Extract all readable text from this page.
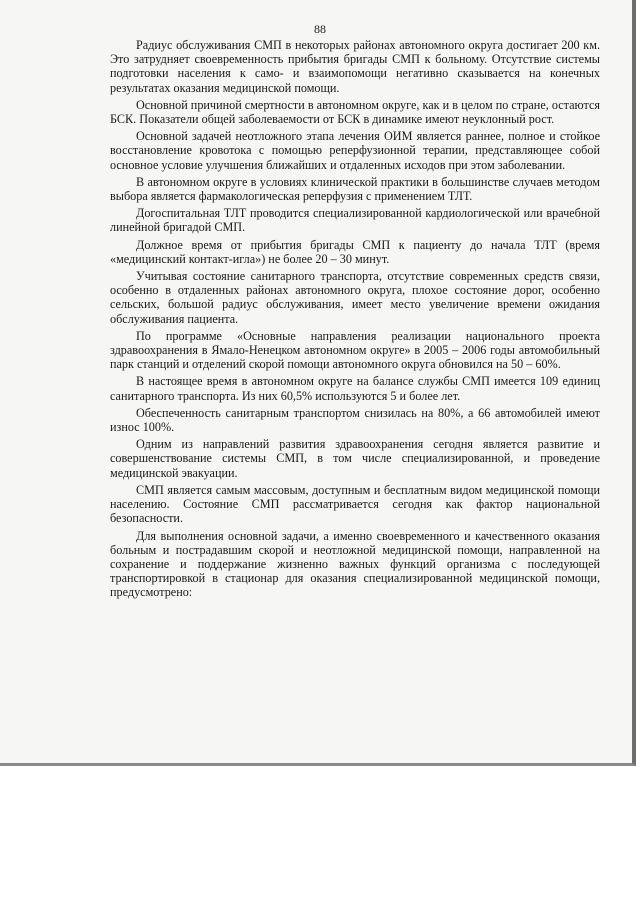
88

Радиус обслуживания СМП в некоторых районах автономного округа достигает 200 км. Это затрудняет своевременность прибытия бригады СМП к больному. Отсутствие системы подготовки населения к само- и взаимопомощи негативно сказывается на конечных результатах оказания медицинской помощи.

Основной причиной смертности в автономном округе, как и в целом по стране, остаются БСК. Показатели общей заболеваемости от БСК в динамике имеют неуклонный рост.

Основной задачей неотложного этапа лечения ОИМ является раннее, полное и стойкое восстановление кровотока с помощью реперфузионной терапии, представляющее собой основное условие улучшения ближайших и отдаленных исходов при этом заболевании.

В автономном округе в условиях клинической практики в большинстве случаев методом выбора является фармакологическая реперфузия с применением ТЛТ.

Догоспитальная ТЛТ проводится специализированной кардиологической или врачебной линейной бригадой СМП.

Должное время от прибытия бригады СМП к пациенту до начала ТЛТ (время «медицинский контакт-игла») не более 20 – 30 минут.

Учитывая состояние санитарного транспорта, отсутствие современных средств связи, особенно в отдаленных районах автономного округа, плохое состояние дорог, особенно сельских, большой радиус обслуживания, имеет место увеличение времени ожидания обслуживания пациента.

По программе «Основные направления реализации национального проекта здравоохранения в Ямало-Ненецком автономном округе» в 2005 – 2006 годы автомобильный парк станций и отделений скорой помощи автономного округа обновился на 50 – 60%.

В настоящее время в автономном округе на балансе службы СМП имеется 109 единиц санитарного транспорта. Из них 60,5% используются 5 и более лет.

Обеспеченность санитарным транспортом снизилась на 80%, а 66 автомобилей имеют износ 100%.

Одним из направлений развития здравоохранения сегодня является развитие и совершенствование системы СМП, в том числе специализированной, и проведение медицинской эвакуации.

СМП является самым массовым, доступным и бесплатным видом медицинской помощи населению. Состояние СМП рассматривается сегодня как фактор национальной безопасности.

Для выполнения основной задачи, а именно своевременного и качественного оказания больным и пострадавшим скорой и неотложной медицинской помощи, направленной на сохранение и поддержание жизненно важных функций организма с последующей транспортировкой в стационар для оказания специализированной медицинской помощи, предусмотрено:
